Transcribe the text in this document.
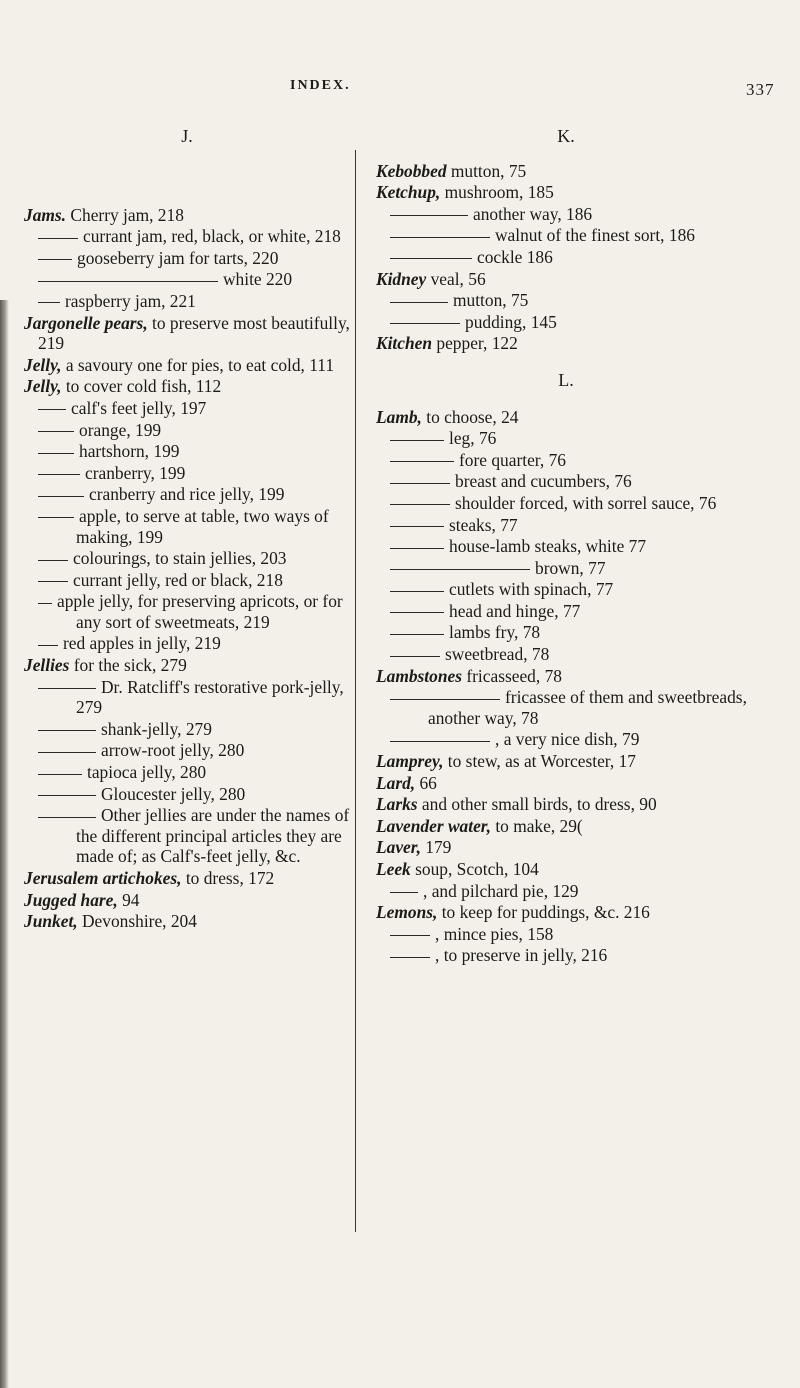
INDEX.	337

J.

Jams. Cherry jam, 218

currant jam, red, black, or white, 218

gooseberry jam for tarts, 220

white 220

raspberry jam, 221

Jargonelle pears, to preserve most beautifully, 219

Jelly, a savoury one for pies, to eat cold, 111

Jelly, to cover cold fish, 112

calf's feet jelly, 197

orange, 199

hartshorn, 199

cranberry, 199

cranberry and rice jelly, 199

apple, to serve at table, two ways of making, 199

colourings, to stain jellies, 203

currant jelly, red or black, 218

apple jelly, for preserving apricots, or for any sort of sweetmeats, 219

red apples in jelly, 219

Jellies for the sick, 279

Dr. Ratcliff's restorative pork-jelly, 279

shank-jelly, 279

arrow-root jelly, 280

tapioca jelly, 280

Gloucester jelly, 280

Other jellies are under the names of the different principal articles they are made of; as Calf's-feet jelly, &c.

Jerusalem artichokes, to dress, 172

Jugged hare, 94

Junket, Devonshire, 204

K.

Kebobbed mutton, 75

Ketchup, mushroom, 185

another way, 186

walnut of the finest sort, 186

cockle 186

Kidney veal, 56

mutton, 75

pudding, 145

Kitchen pepper, 122

L.

Lamb, to choose, 24

leg, 76

fore quarter, 76

breast and cucumbers, 76

shoulder forced, with sorrel sauce, 76

steaks, 77

house-lamb steaks, white 77

brown, 77

cutlets with spinach, 77

head and hinge, 77

lambs fry, 78

sweetbread, 78

Lambstones fricasseed, 78

fricassee of them and sweetbreads, another way, 78

, a very nice dish, 79

Lamprey, to stew, as at Worcester, 17

Lard, 66

Larks and other small birds, to dress, 90

Lavender water, to make, 29(

Laver, 179

Leek soup, Scotch, 104

, and pilchard pie, 129

Lemons, to keep for puddings, &c. 216

, mince pies, 158

, to preserve in jelly, 216
